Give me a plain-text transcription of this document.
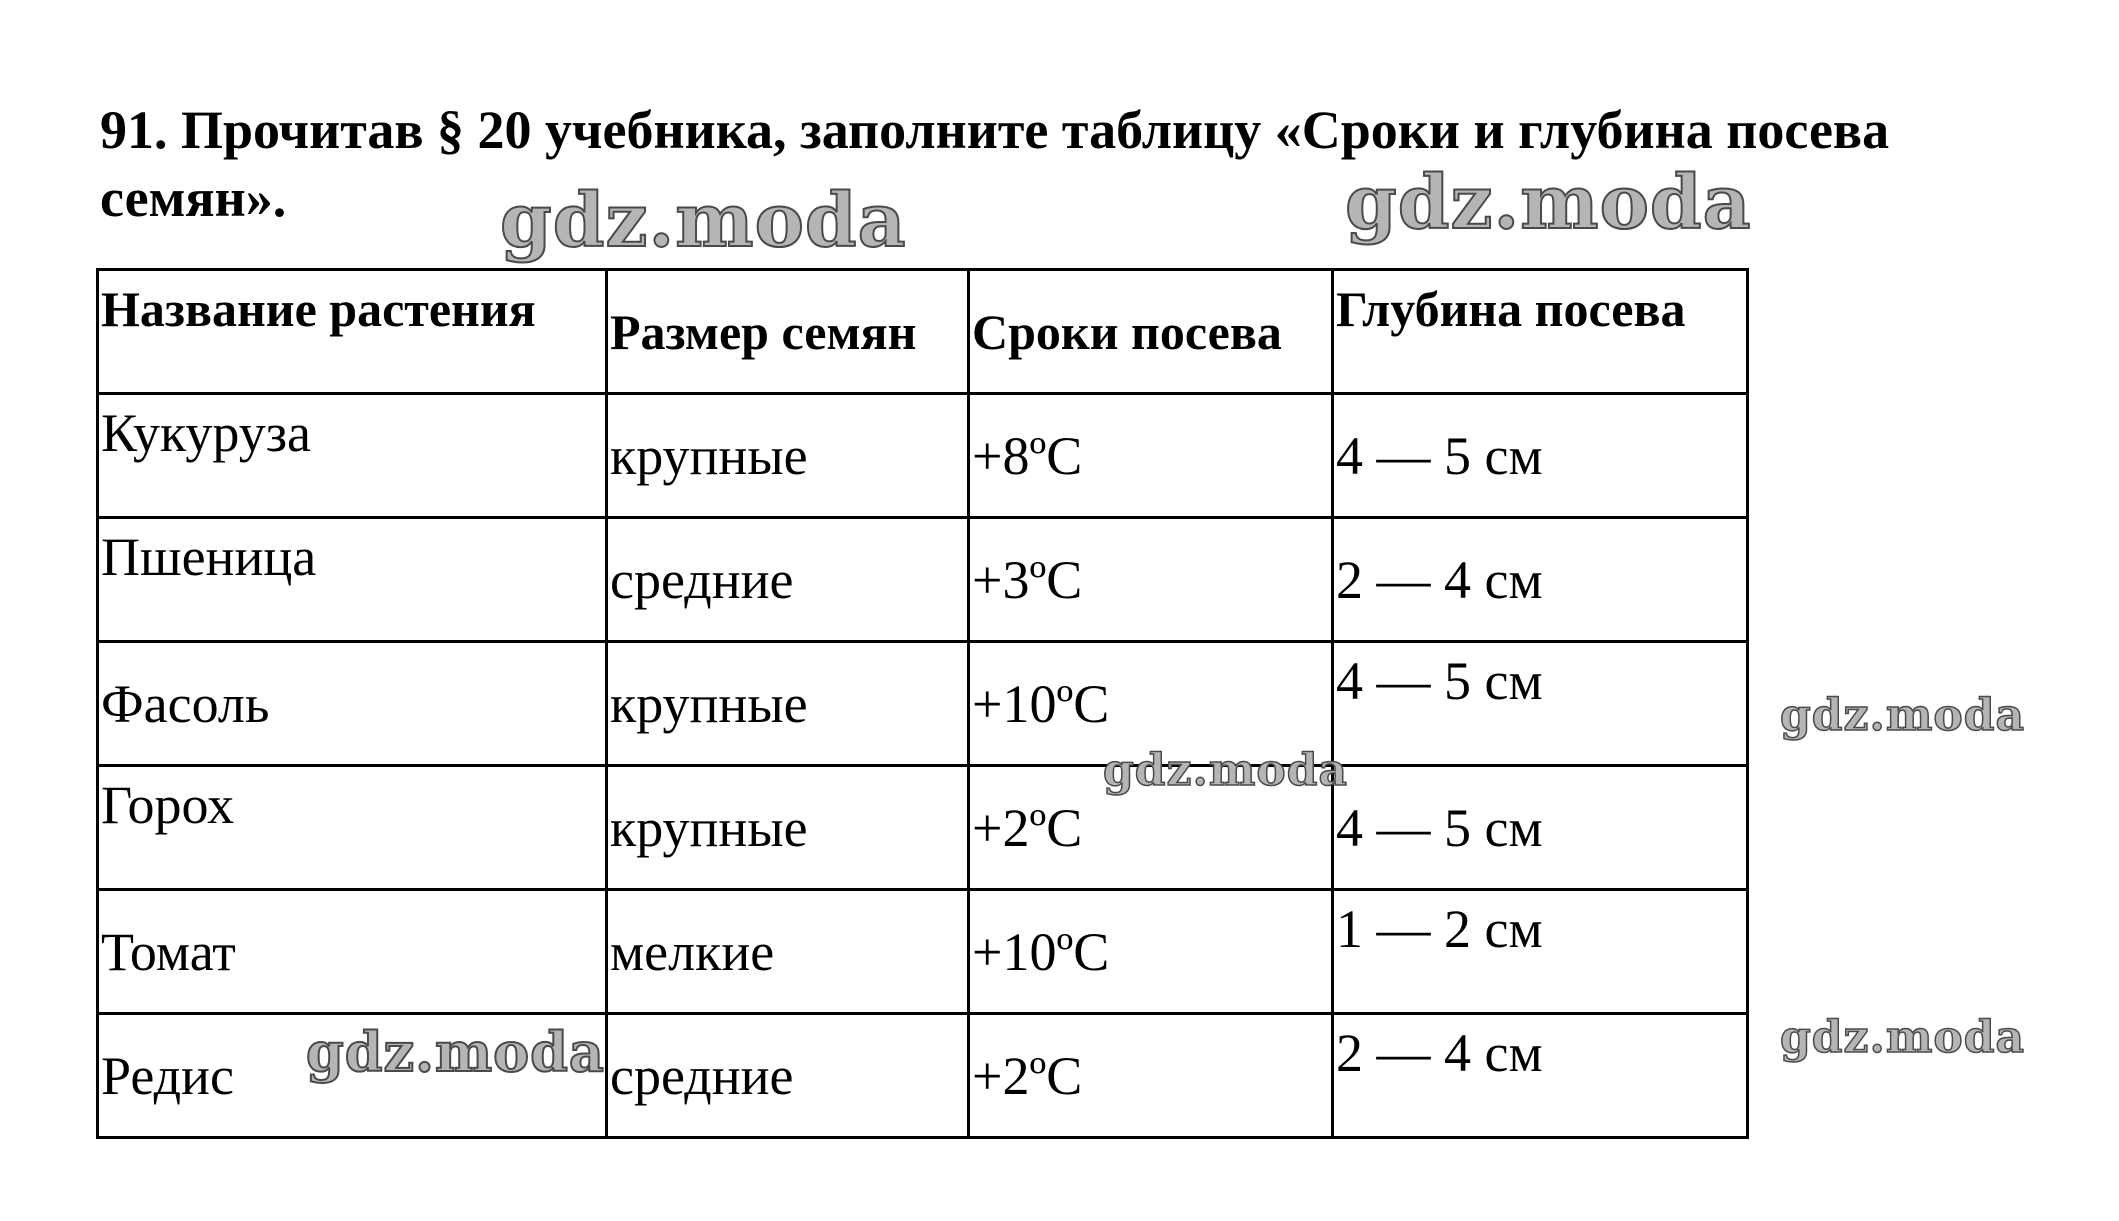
91. Прочитав § 20 учебника, заполните таблицу «Сроки и глубина посева семян».

Название растения	Размер семян	Сроки посева	Глубина посева
Кукуруза	крупные	+8ºС	4 — 5 см
Пшеница	средние	+3ºС	2 — 4 см
Фасоль	крупные	+10ºС	4 — 5 см
Горох	крупные	+2ºС	4 — 5 см
Томат	мелкие	+10ºС	1 — 2 см
Редис	средние	+2ºС	2 — 4 см
gdz.moda	gdz.moda
gdz.moda
gdz.moda
gdz.moda	gdz.moda
